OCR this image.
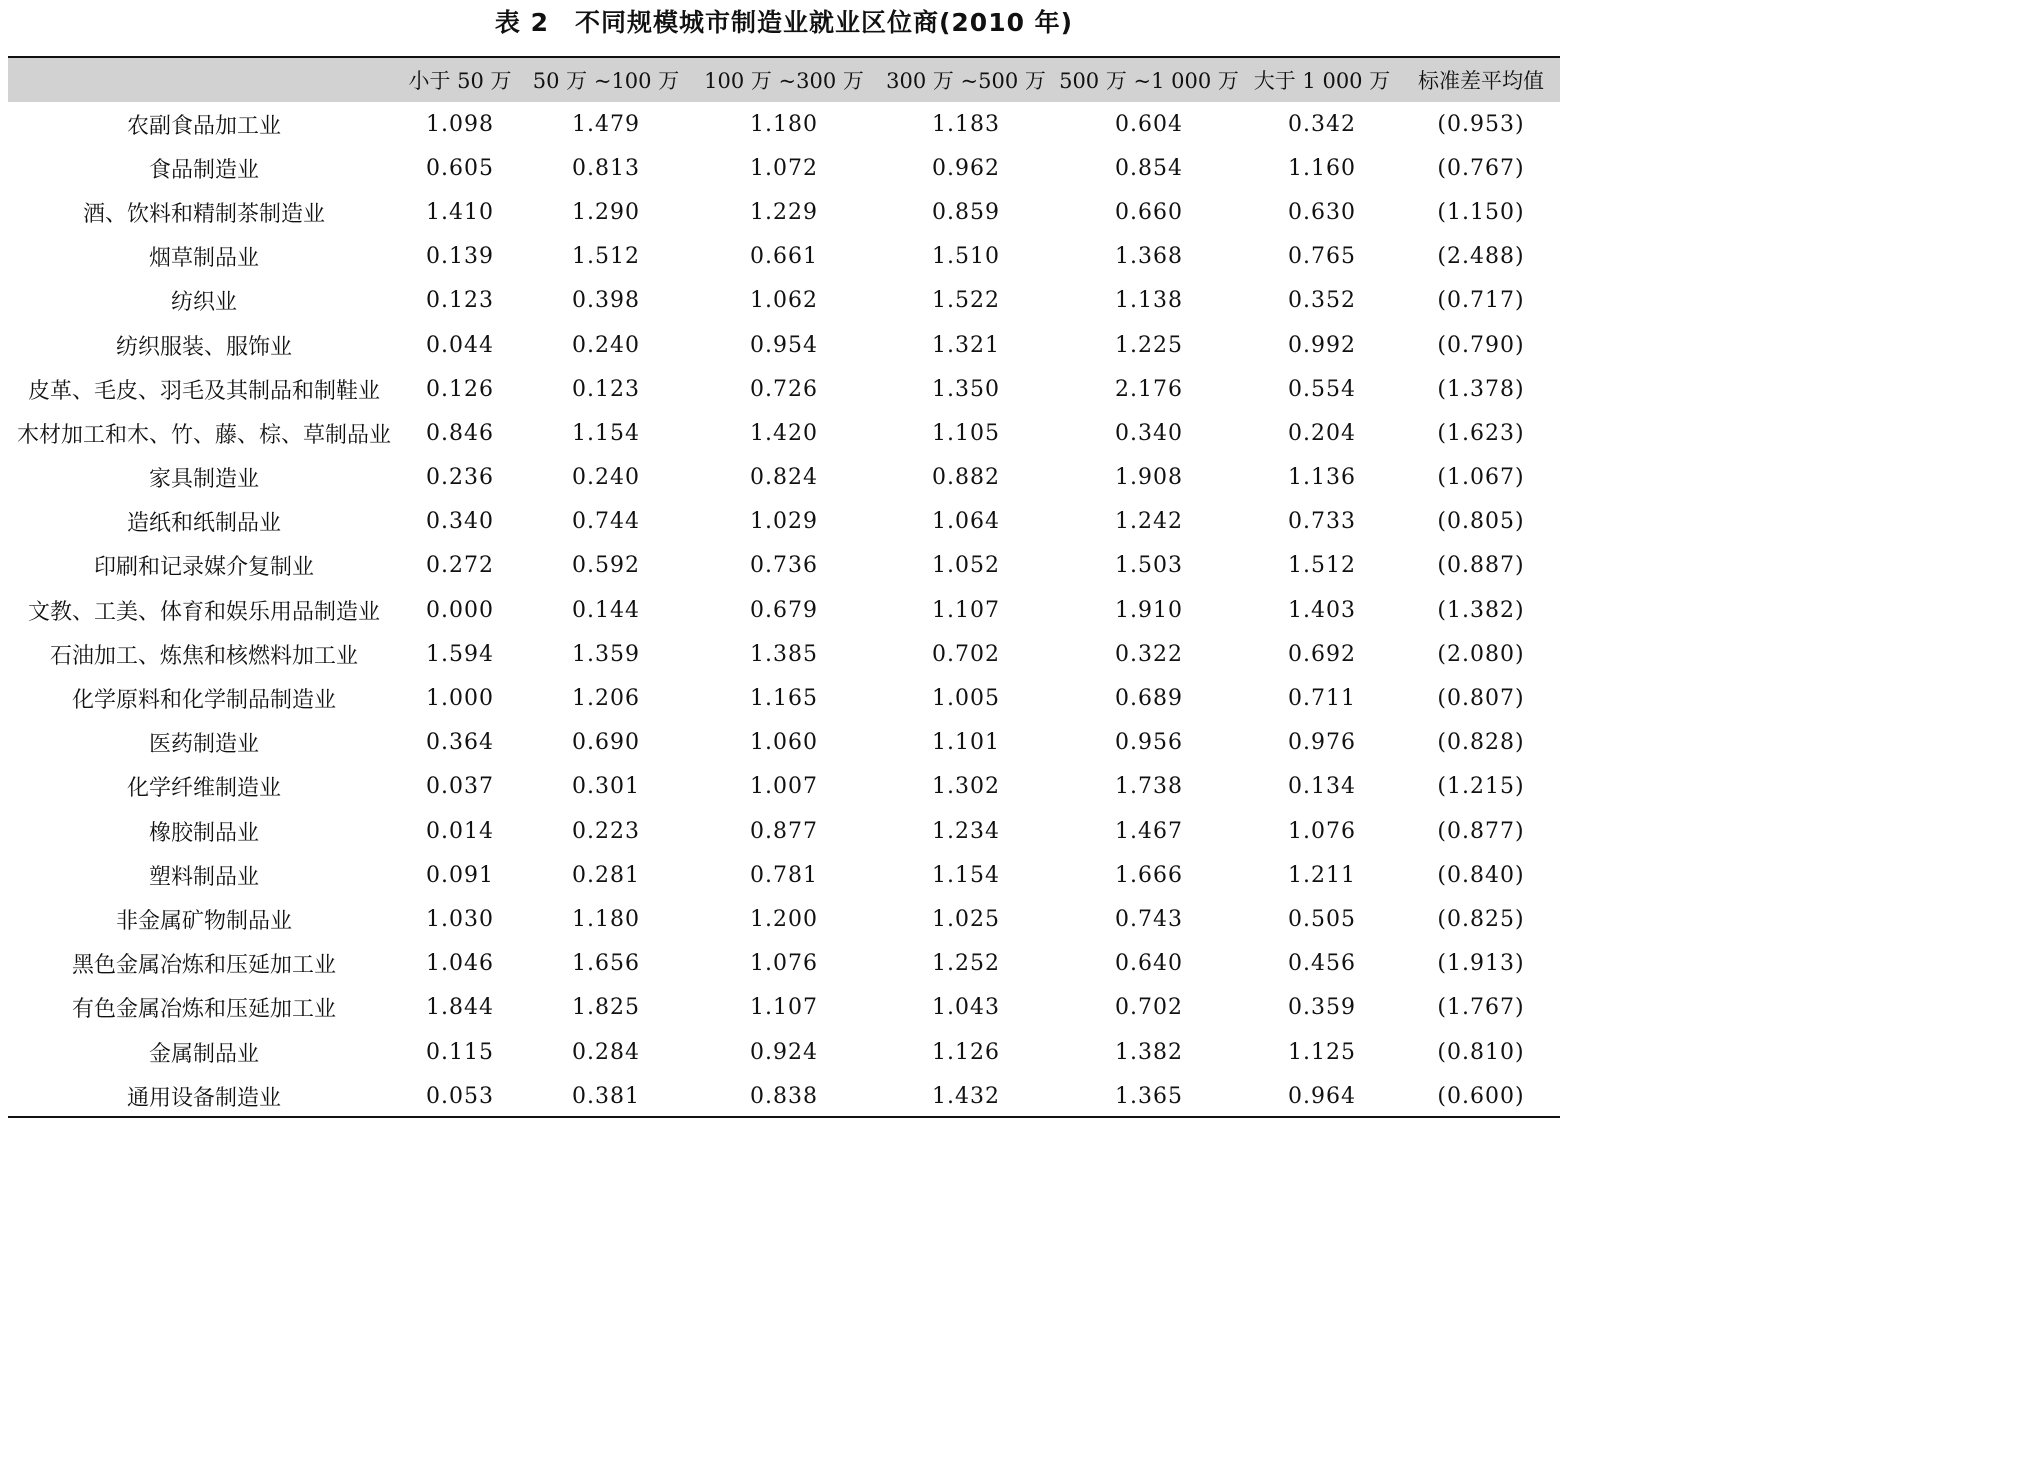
表 2　不同规模城市制造业就业区位商(2010 年)
	小于 50 万	50 万 ~100 万	100 万 ~300 万	300 万 ~500 万	500 万 ~1 000 万	大于 1 000 万	标准差平均值
农副食品加工业	1.098	1.479	1.180	1.183	0.604	0.342	(0.953)
食品制造业	0.605	0.813	1.072	0.962	0.854	1.160	(0.767)
酒、饮料和精制茶制造业	1.410	1.290	1.229	0.859	0.660	0.630	(1.150)
烟草制品业	0.139	1.512	0.661	1.510	1.368	0.765	(2.488)
纺织业	0.123	0.398	1.062	1.522	1.138	0.352	(0.717)
纺织服装、服饰业	0.044	0.240	0.954	1.321	1.225	0.992	(0.790)
皮革、毛皮、羽毛及其制品和制鞋业	0.126	0.123	0.726	1.350	2.176	0.554	(1.378)
木材加工和木、竹、藤、棕、草制品业	0.846	1.154	1.420	1.105	0.340	0.204	(1.623)
家具制造业	0.236	0.240	0.824	0.882	1.908	1.136	(1.067)
造纸和纸制品业	0.340	0.744	1.029	1.064	1.242	0.733	(0.805)
印刷和记录媒介复制业	0.272	0.592	0.736	1.052	1.503	1.512	(0.887)
文教、工美、体育和娱乐用品制造业	0.000	0.144	0.679	1.107	1.910	1.403	(1.382)
石油加工、炼焦和核燃料加工业	1.594	1.359	1.385	0.702	0.322	0.692	(2.080)
化学原料和化学制品制造业	1.000	1.206	1.165	1.005	0.689	0.711	(0.807)
医药制造业	0.364	0.690	1.060	1.101	0.956	0.976	(0.828)
化学纤维制造业	0.037	0.301	1.007	1.302	1.738	0.134	(1.215)
橡胶制品业	0.014	0.223	0.877	1.234	1.467	1.076	(0.877)
塑料制品业	0.091	0.281	0.781	1.154	1.666	1.211	(0.840)
非金属矿物制品业	1.030	1.180	1.200	1.025	0.743	0.505	(0.825)
黑色金属冶炼和压延加工业	1.046	1.656	1.076	1.252	0.640	0.456	(1.913)
有色金属冶炼和压延加工业	1.844	1.825	1.107	1.043	0.702	0.359	(1.767)
金属制品业	0.115	0.284	0.924	1.126	1.382	1.125	(0.810)
通用设备制造业	0.053	0.381	0.838	1.432	1.365	0.964	(0.600)
